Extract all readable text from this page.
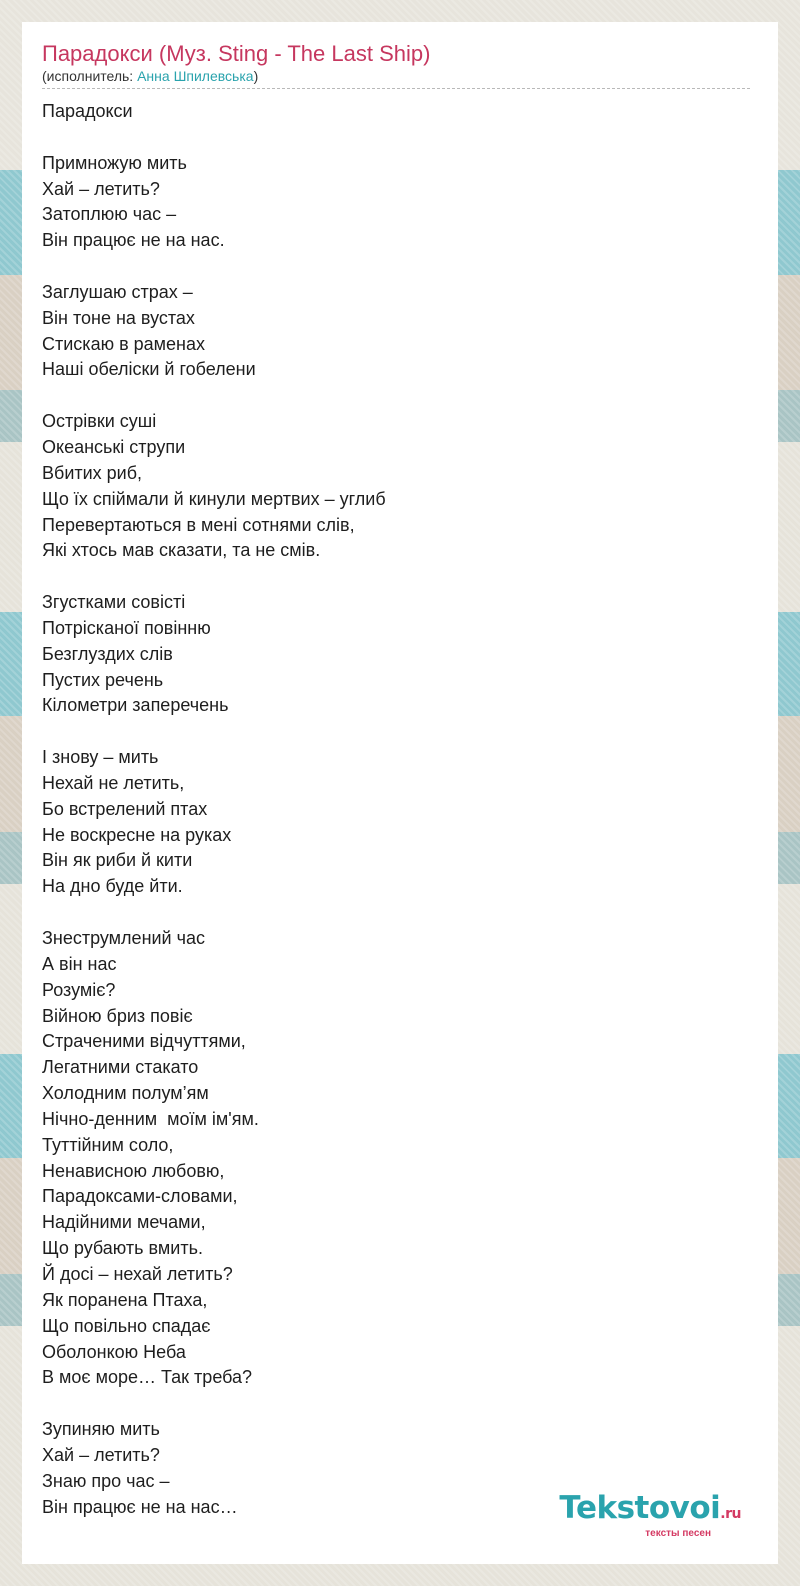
Парадокси (Муз. Sting - The Last Ship)
(исполнитель: Анна Шпилевська)
Парадокси
Примножую мить
Хай – летить?
Затоплюю час –
Він працює не на нас.
Заглушаю страх –
Він тоне на вустах
Стискаю в раменах
Наші обеліски й гобелени
Острівки суші
Океанські струпи
Вбитих риб,
Що їх спіймали й кинули мертвих – углиб
Перевертаються в мені сотнями слів,
Які хтось мав сказати, та не смів.
Згустками совісті
Потрісканої повінню
Безглуздих слів
Пустих речень
Кілометри заперечень
І знову – мить
Нехай не летить,
Бо встрелений птах
Не воскресне на руках
Він як риби й кити
На дно буде йти.
Знеструмлений час
А він нас
Розуміє?
Війною бриз повіє
Страченими відчуттями,
Легатними стакато
Холодним полум’ям
Нічно-денним  моїм ім'ям.
Туттійним соло,
Ненависною любовю,
Парадоксами-словами,
Надійними мечами,
Що рубають вмить.
Й досі – нехай летить?
Як поранена Птаха,
Що повільно спадає
Оболонкою Неба
В моє море… Так треба?
Зупиняю мить
Хай – летить?
Знаю про час –
Він працює не на нас…	Tekstovoi.ru
тексты песен
